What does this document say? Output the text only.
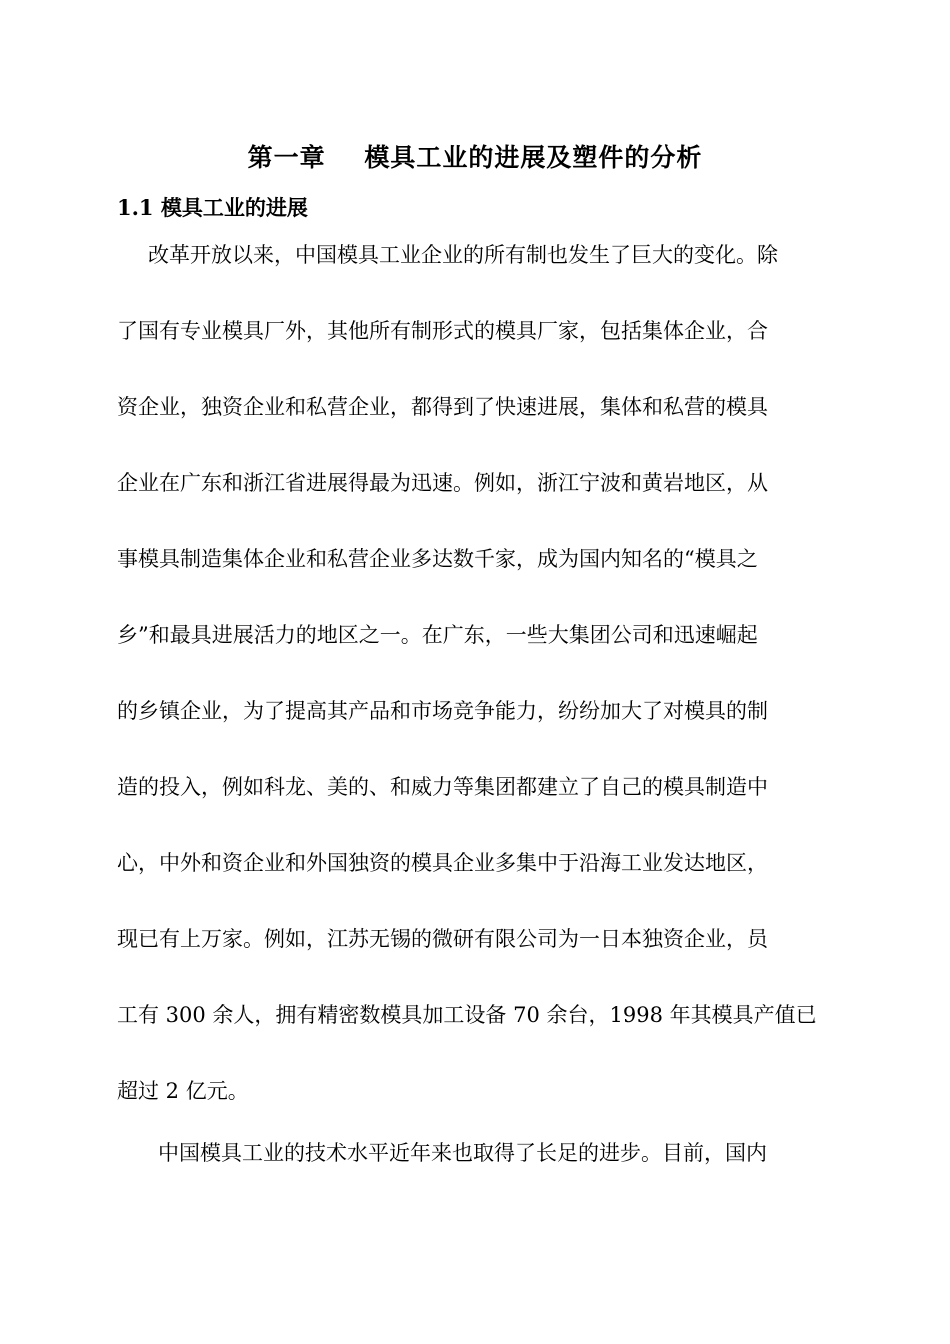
第一章    模具工业的进展及塑件的分析
1.1 模具工业的进展
改革开放以来，中国模具工业企业的所有制也发生了巨大的变化。除
了国有专业模具厂外，其他所有制形式的模具厂家，包括集体企业，合
资企业，独资企业和私营企业，都得到了快速进展，集体和私营的模具
企业在广东和浙江省进展得最为迅速。例如，浙江宁波和黄岩地区，从
事模具制造集体企业和私营企业多达数千家，成为国内知名的“模具之
乡”和最具进展活力的地区之一。在广东，一些大集团公司和迅速崛起
的乡镇企业，为了提高其产品和市场竞争能力，纷纷加大了对模具的制
造的投入，例如科龙、美的、和威力等集团都建立了自己的模具制造中
心，中外和资企业和外国独资的模具企业多集中于沿海工业发达地区，
现已有上万家。例如，江苏无锡的微研有限公司为一日本独资企业，员
工有 300 余人，拥有精密数模具加工设备 70 余台，1998 年其模具产值已
超过 2 亿元。
中国模具工业的技术水平近年来也取得了长足的进步。目前，国内
